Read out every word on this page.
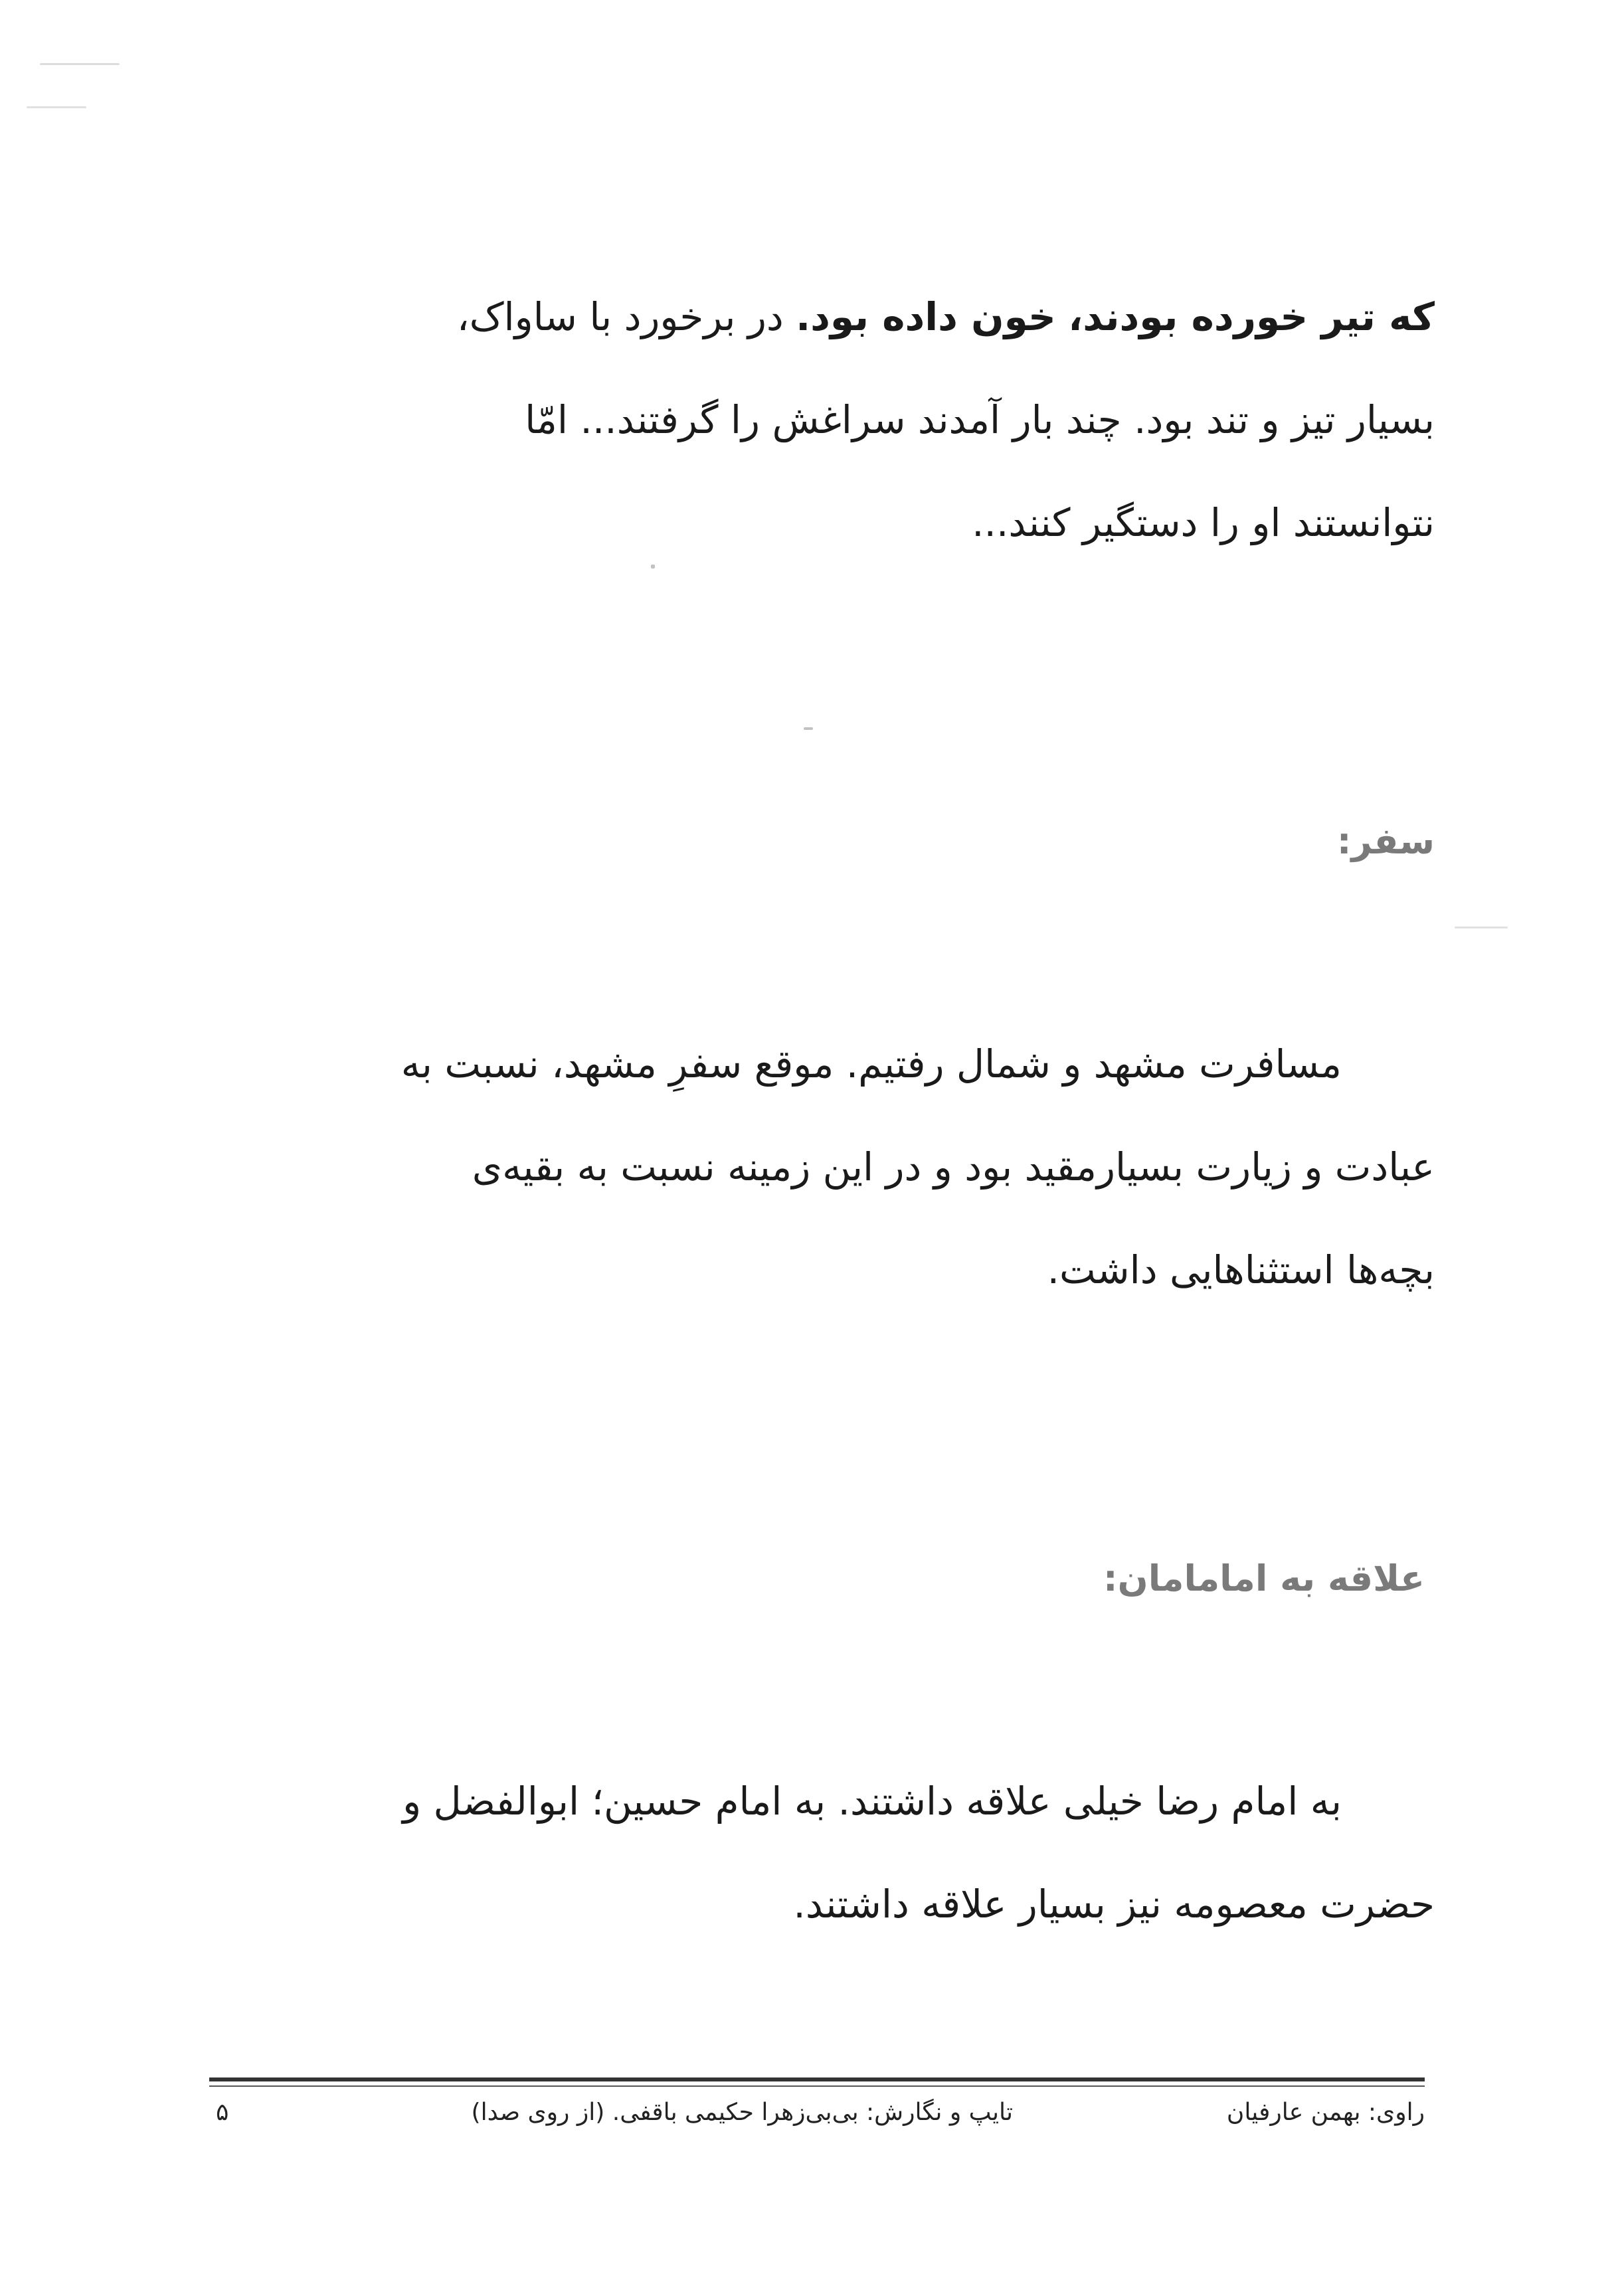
که تیر خورده بودند، خون داده بود. در برخورد با ساواک،

بسیار تیز و تند بود. چند بار آمدند سراغش را گرفتند... امّا

نتوانستند او را دستگیر کنند...

سفر:

مسافرت مشهد و شمال رفتیم. موقع سفرِ مشهد، نسبت به

عبادت و زیارت بسیارمقید بود و در این زمینه نسبت به بقیه‌ی

بچه‌ها استثناهایی داشت.

علاقه به امامامان:

به امام رضا خیلی علاقه داشتند. به امام حسین؛ ابوالفضل و

حضرت معصومه نیز بسیار علاقه داشتند.

راوی: بهمن عارفیان
تایپ و نگارش: بی‌بی‌زهرا حکیمی باقفی. (از روی صدا)
۵
